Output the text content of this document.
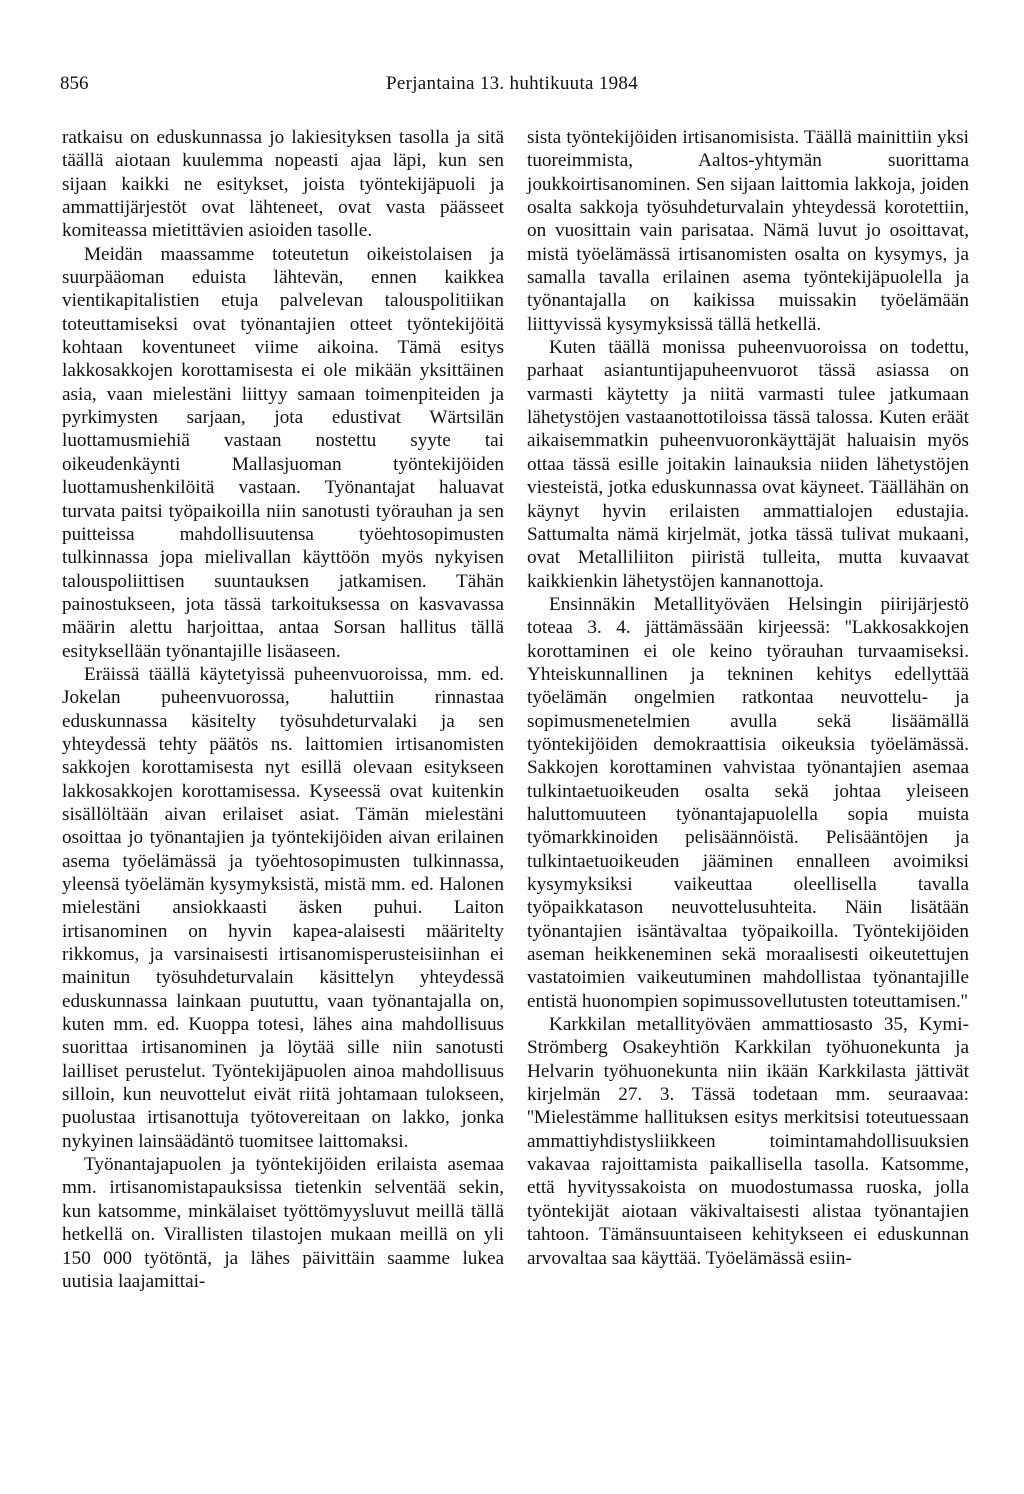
856	Perjantaina 13. huhtikuuta 1984

ratkaisu on eduskunnassa jo lakiesityksen tasolla ja sitä täällä aiotaan kuulemma nopeasti ajaa läpi, kun sen sijaan kaikki ne esitykset, joista työntekijäpuoli ja ammattijärjestöt ovat lähteneet, ovat vasta päässeet komiteassa mietittävien asioiden tasolle.

Meidän maassamme toteutetun oikeistolaisen ja suurpääoman eduista lähtevän, ennen kaikkea vientikapitalistien etuja palvelevan talouspolitiikan toteuttamiseksi ovat työnantajien otteet työntekijöitä kohtaan koventuneet viime aikoina. Tämä esitys lakkosakkojen korottamisesta ei ole mikään yksittäinen asia, vaan mielestäni liittyy samaan toimenpiteiden ja pyrkimysten sarjaan, jota edustivat Wärtsilän luottamusmiehiä vastaan nostettu syyte tai oikeudenkäynti Mallasjuoman työntekijöiden luottamushenkilöitä vastaan. Työnantajat haluavat turvata paitsi työpaikoilla niin sanotusti työrauhan ja sen puitteissa mahdollisuutensa työehtosopimusten tulkinnassa jopa mielivallan käyttöön myös nykyisen talouspoliittisen suuntauksen jatkamisen. Tähän painostukseen, jota tässä tarkoituksessa on kasvavassa määrin alettu harjoittaa, antaa Sorsan hallitus tällä esityksellään työnantajille lisäaseen.

Eräissä täällä käytetyissä puheenvuoroissa, mm. ed. Jokelan puheenvuorossa, haluttiin rinnastaa eduskunnassa käsitelty työsuhdeturvalaki ja sen yhteydessä tehty päätös ns. laittomien irtisanomisten sakkojen korottamisesta nyt esillä olevaan esitykseen lakkosakkojen korottamisessa. Kyseessä ovat kuitenkin sisällöltään aivan erilaiset asiat. Tämän mielestäni osoittaa jo työnantajien ja työntekijöiden aivan erilainen asema työelämässä ja työehtosopimusten tulkinnassa, yleensä työelämän kysymyksistä, mistä mm. ed. Halonen mielestäni ansiokkaasti äsken puhui. Laiton irtisanominen on hyvin kapea-alaisesti määritelty rikkomus, ja varsinaisesti irtisanomisperusteisiinhan ei mainitun työsuhdeturvalain käsittelyn yhteydessä eduskunnassa lainkaan puututtu, vaan työnantajalla on, kuten mm. ed. Kuoppa totesi, lähes aina mahdollisuus suorittaa irtisanominen ja löytää sille niin sanotusti lailliset perustelut. Työntekijäpuolen ainoa mahdollisuus silloin, kun neuvottelut eivät riitä johtamaan tulokseen, puolustaa irtisanottuja työtovereitaan on lakko, jonka nykyinen lainsäädäntö tuomitsee laittomaksi.

Työnantajapuolen ja työntekijöiden erilaista asemaa mm. irtisanomistapauksissa tietenkin selventää sekin, kun katsomme, minkälaiset työttömyysluvut meillä tällä hetkellä on. Virallisten tilastojen mukaan meillä on yli 150 000 työtöntä, ja lähes päivittäin saamme lukea uutisia laajamittai-

sista työntekijöiden irtisanomisista. Täällä mainittiin yksi tuoreimmista, Aaltos-yhtymän suorittama joukkoirtisanominen. Sen sijaan laittomia lakkoja, joiden osalta sakkoja työsuhdeturvalain yhteydessä korotettiin, on vuosittain vain parisataa. Nämä luvut jo osoittavat, mistä työelämässä irtisanomisten osalta on kysymys, ja samalla tavalla erilainen asema työntekijäpuolella ja työnantajalla on kaikissa muissakin työelämään liittyvissä kysymyksissä tällä hetkellä.

Kuten täällä monissa puheenvuoroissa on todettu, parhaat asiantuntijapuheenvuorot tässä asiassa on varmasti käytetty ja niitä varmasti tulee jatkumaan lähetystöjen vastaanottotiloissa tässä talossa. Kuten eräät aikaisemmatkin puheenvuoronkäyttäjät haluaisin myös ottaa tässä esille joitakin lainauksia niiden lähetystöjen viesteistä, jotka eduskunnassa ovat käyneet. Täällähän on käynyt hyvin erilaisten ammattialojen edustajia. Sattumalta nämä kirjelmät, jotka tässä tulivat mukaani, ovat Metalliliiton piiristä tulleita, mutta kuvaavat kaikkienkin lähetystöjen kannanottoja.

Ensinnäkin Metallityöväen Helsingin piirijärjestö toteaa 3. 4. jättämässään kirjeessä: ''Lakkosakkojen korottaminen ei ole keino työrauhan turvaamiseksi. Yhteiskunnallinen ja tekninen kehitys edellyttää työelämän ongelmien ratkontaa neuvottelu- ja sopimusmenetelmien avulla sekä lisäämällä työntekijöiden demokraattisia oikeuksia työelämässä. Sakkojen korottaminen vahvistaa työnantajien asemaa tulkintaetuoikeuden osalta sekä johtaa yleiseen haluttomuuteen työnantajapuolella sopia muista työmarkkinoiden pelisäännöistä. Pelisääntöjen ja tulkintaetuoikeuden jääminen ennalleen avoimiksi kysymyksiksi vaikeuttaa oleellisella tavalla työpaikkatason neuvottelusuhteita. Näin lisätään työnantajien isäntävaltaa työpaikoilla. Työntekijöiden aseman heikkeneminen sekä moraalisesti oikeutettujen vastatoimien vaikeutuminen mahdollistaa työnantajille entistä huonompien sopimussovellutusten toteuttamisen.''

Karkkilan metallityöväen ammattiosasto 35, Kymi-Strömberg Osakeyhtiön Karkkilan työhuonekunta ja Helvarin työhuonekunta niin ikään Karkkilasta jättivät kirjelmän 27. 3. Tässä todetaan mm. seuraavaa: ''Mielestämme hallituksen esitys merkitsisi toteutuessaan ammattiyhdistysliikkeen toimintamahdollisuuksien vakavaa rajoittamista paikallisella tasolla. Katsomme, että hyvityssakoista on muodostumassa ruoska, jolla työntekijät aiotaan väkivaltaisesti alistaa työnantajien tahtoon. Tämänsuuntaiseen kehitykseen ei eduskunnan arvovaltaa saa käyttää. Työelämässä esiin-
